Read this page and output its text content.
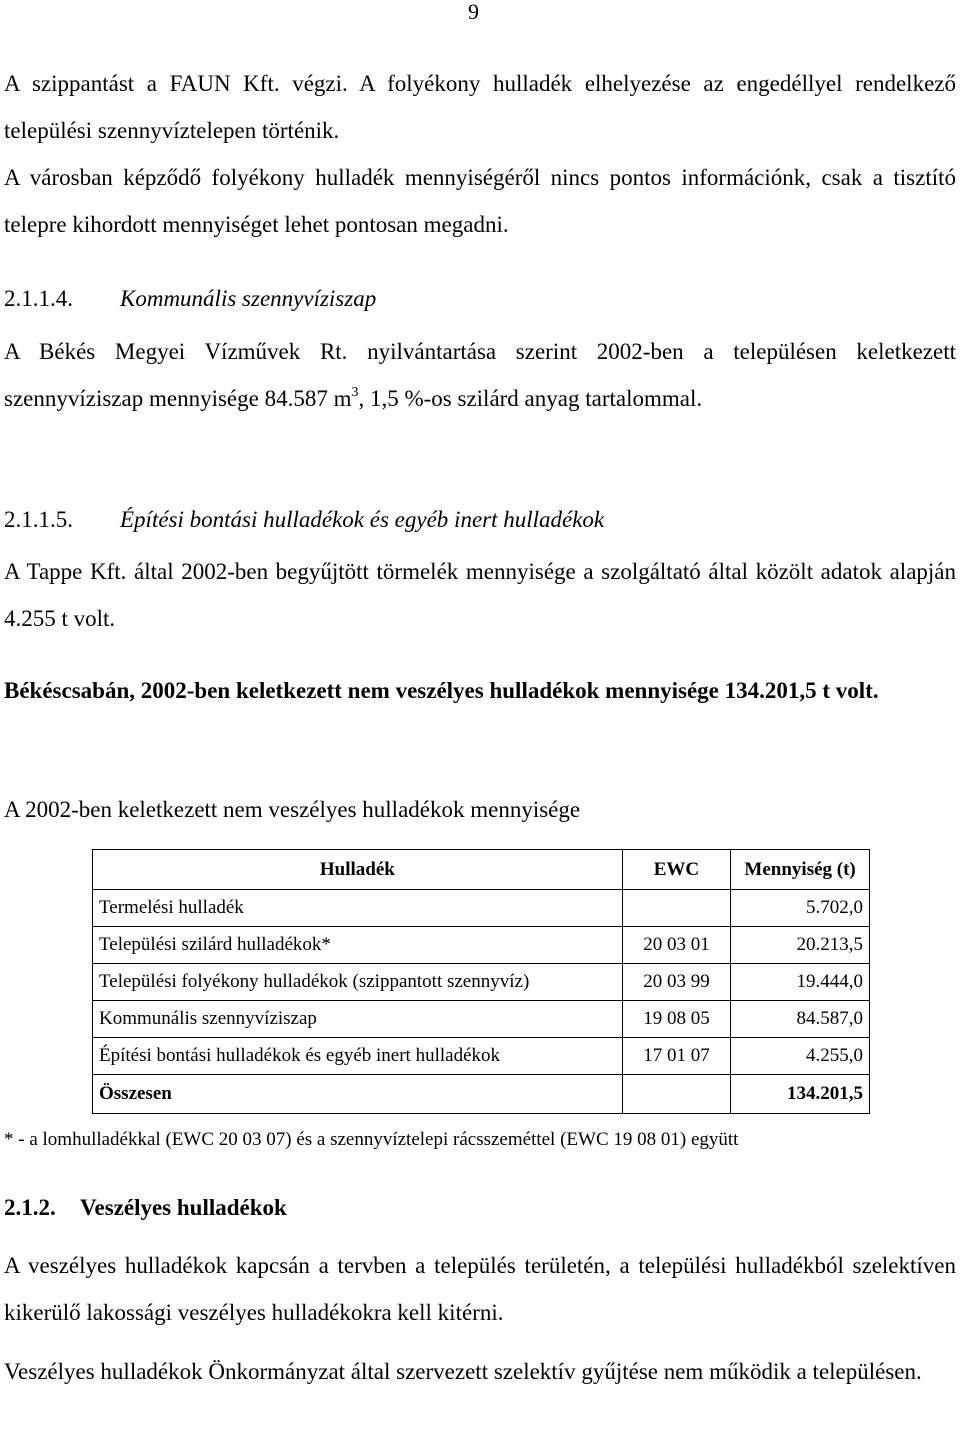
9

A szippantást a FAUN Kft. végzi. A folyékony hulladék elhelyezése az engedéllyel rendelkező települési szennyvíztelepen történik.

A városban képződő folyékony hulladék mennyiségéről nincs pontos információnk, csak a tisztító telepre kihordott mennyiséget lehet pontosan megadni.

2.1.1.4. Kommunális szennyvíziszap

A Békés Megyei Vízművek Rt. nyilvántartása szerint 2002-ben a településen keletkezett szennyvíziszap mennyisége 84.587 $m^3$, 1,5 %-os szilárd anyag tartalommal.

2.1.1.5. Építési bontási hulladékok és egyéb inert hulladékok

A Tappe Kft. által 2002-ben begyűjtött törmelék mennyisége a szolgáltató által közölt adatok alapján 4.255 t volt.

Békéscsabán, 2002-ben keletkezett nem veszélyes hulladékok mennyisége 134.201,5 t volt.

A 2002-ben keletkezett nem veszélyes hulladékok mennyisége

Hulladék	EWC	Mennyiség (t)
Termelési hulladék		5.702,0
Települési szilárd hulladékok*	20 03 01	20.213,5
Települési folyékony hulladékok (szippantott szennyvíz)	20 03 99	19.444,0
Kommunális szennyvíziszap	19 08 05	84.587,0
Építési bontási hulladékok és egyéb inert hulladékok	17 01 07	4.255,0
Összesen		134.201,5
* - a lomhulladékkal (EWC 20 03 07) és a szennyvíztelepi rácsszeméttel (EWC 19 08 01) együtt
2.1.2. Veszélyes hulladékok

A veszélyes hulladékok kapcsán a tervben a település területén, a települési hulladékból szelektíven kikerülő lakossági veszélyes hulladékokra kell kitérni.

Veszélyes hulladékok Önkormányzat által szervezett szelektív gyűjtése nem működik a településen.
